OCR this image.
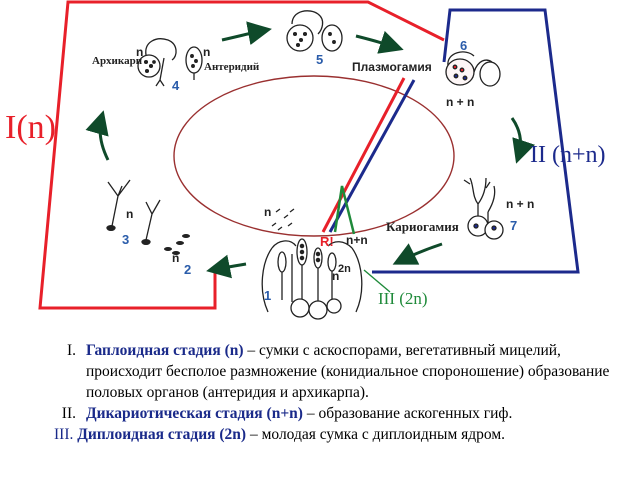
I(n)
II (n+n)
III (2n)
Плазмогамия
Кариогамия
Архикарп	Антеридий
R!
n	n
n + n
n + n
n
n
n+n
2n
n
n
1
2
3
4
5
6
7
I. Гаплоидная стадия (n) – сумки с аскоспорами, вегетативный мицелий, происходит бесполое размножение (конидиальное спороношение) образование половых органов (антеридия и архикарпа).
II. Дикариотическая стадия (n+n) – образование аскогенных гиф.
III. Диплоидная стадия (2n) – молодая сумка с диплоидным ядром.
